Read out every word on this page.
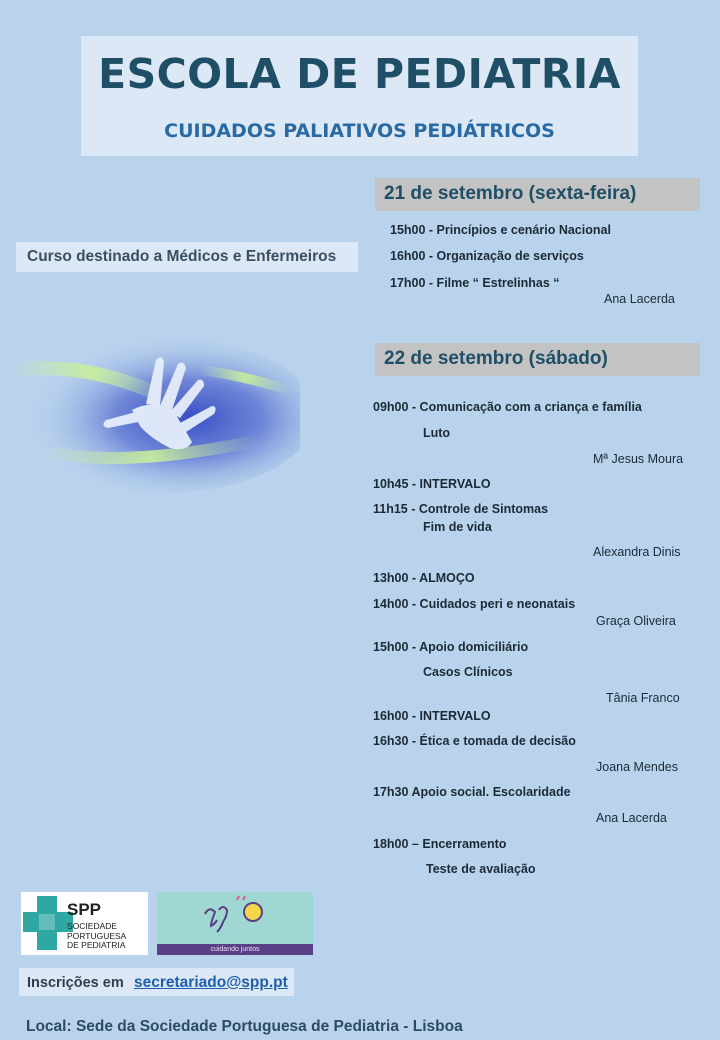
ESCOLA DE PEDIATRIA
CUIDADOS PALIATIVOS PEDIÁTRICOS
Curso destinado a Médicos e Enfermeiros
21 de setembro (sexta-feira)
15h00 - Princípios e cenário Nacional
16h00 - Organização de serviços
17h00 - Filme “ Estrelinhas “
Ana Lacerda
22 de setembro (sábado)
09h00 - Comunicação com a criança e família
Luto
Mª Jesus Moura
10h45 - INTERVALO
11h15 - Controle de Sintomas
Fim de vida
Alexandra Dinis
13h00 - ALMOÇO
14h00 - Cuidados peri e neonatais
Graça Oliveira
15h00 - Apoio domiciliário
Casos Clínicos
Tânia Franco
16h00 - INTERVALO
16h30 - Ética e tomada de decisão
Joana Mendes
17h30 Apoio social. Escolaridade
Ana Lacerda
18h00 – Encerramento
Teste de avaliação
SPP
SOCIEDADE
PORTUGUESA
DE PEDIATRIA	cuidando juntos
Inscrições em secretariado@spp.pt
Local: Sede da Sociedade Portuguesa de Pediatria - Lisboa
